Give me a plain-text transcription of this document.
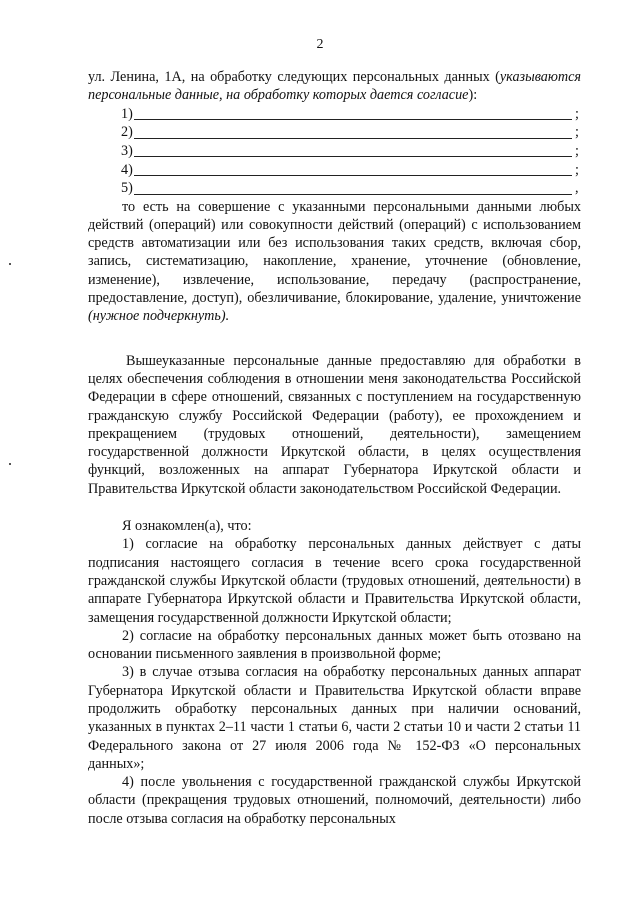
2

ул. Ленина, 1А, на обработку следующих персональных данных (указываются персональные данные, на обработку которых дается согласие):

1)	;
2)	;
3)	;
4)	;
5)	,

то есть на совершение с указанными персональными данными любых действий (операций) или совокупности действий (операций) с использованием средств автоматизации или без использования таких средств, включая сбор, запись, систематизацию, накопление, хранение, уточнение (обновление, изменение), извлечение, использование, передачу (распространение, предоставление, доступ), обезличивание, блокирование, удаление, уничтожение (нужное подчеркнуть).

Вышеуказанные персональные данные предоставляю для обработки в целях обеспечения соблюдения в отношении меня законодательства Российской Федерации в сфере отношений, связанных с поступлением на государственную гражданскую службу Российской Федерации (работу), ее прохождением и прекращением (трудовых отношений, деятельности), замещением государственной должности Иркутской области, в целях осуществления функций, возложенных на аппарат Губернатора Иркутской области и Правительства Иркутской области законодательством Российской Федерации.

Я ознакомлен(а), что:

1) согласие на обработку персональных данных действует с даты подписания настоящего согласия в течение всего срока государственной гражданской службы Иркутской области (трудовых отношений, деятельности) в аппарате Губернатора Иркутской области и Правительства Иркутской области, замещения государственной должности Иркутской области;

2) согласие на обработку персональных данных может быть отозвано на основании письменного заявления в произвольной форме;

3) в случае отзыва согласия на обработку персональных данных аппарат Губернатора Иркутской области и Правительства Иркутской области вправе продолжить обработку персональных данных при наличии оснований, указанных в пунктах 2–11 части 1 статьи 6, части 2 статьи 10 и части 2 статьи 11 Федерального закона от 27 июля 2006 года № 152-ФЗ «О персональных данных»;

4) после увольнения с государственной гражданской службы Иркутской области (прекращения трудовых отношений, полномочий, деятельности) либо после отзыва согласия на обработку персональных
